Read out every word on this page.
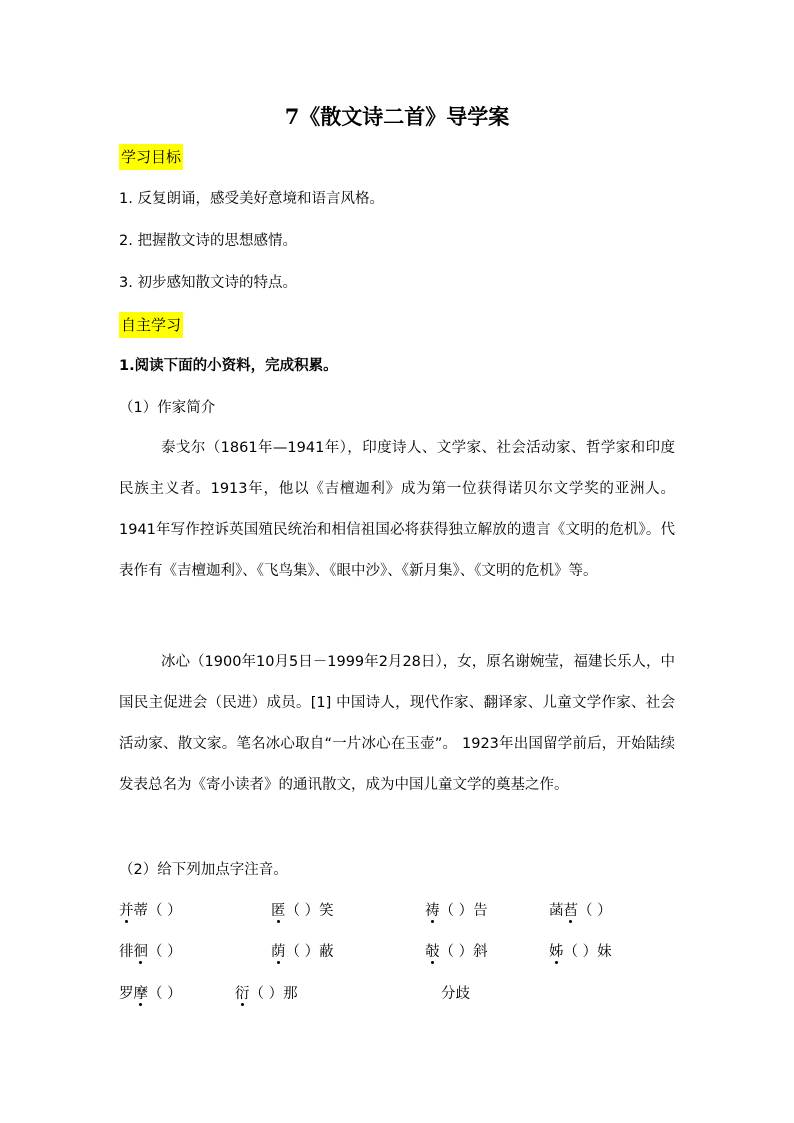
7《散文诗二首》导学案
学习目标
1. 反复朗诵，感受美好意境和语言风格。
2. 把握散文诗的思想感情。
3. 初步感知散文诗的特点。
自主学习
1.阅读下面的小资料，完成积累。
（1）作家简介
泰戈尔（1861年—1941年），印度诗人、文学家、社会活动家、哲学家和印度民族主义者。1913年，他以《吉檀迦利》成为第一位获得诺贝尔文学奖的亚洲人。1941年写作控诉英国殖民统治和相信祖国必将获得独立解放的遗言《文明的危机》。代表作有《吉檀迦利》、《飞鸟集》、《眼中沙》、《新月集》、《文明的危机》等。
冰心（1900年10月5日－1999年2月28日），女，原名谢婉莹，福建长乐人，中国民主促进会（民进）成员。[1] 中国诗人，现代作家、翻译家、儿童文学作家、社会活动家、散文家。笔名冰心取自“一片冰心在玉壶”。 1923年出国留学前后，开始陆续发表总名为《寄小读者》的通讯散文，成为中国儿童文学的奠基之作。
（2）给下列加点字注音。
并蒂（ ）	匿（ ）笑	祷（ ）告	菡萏（ ）
徘徊（ ）	荫（ ）蔽	攲（ ）斜	姊（ ）妹
罗摩（ ）	衍（ ）那	分歧
